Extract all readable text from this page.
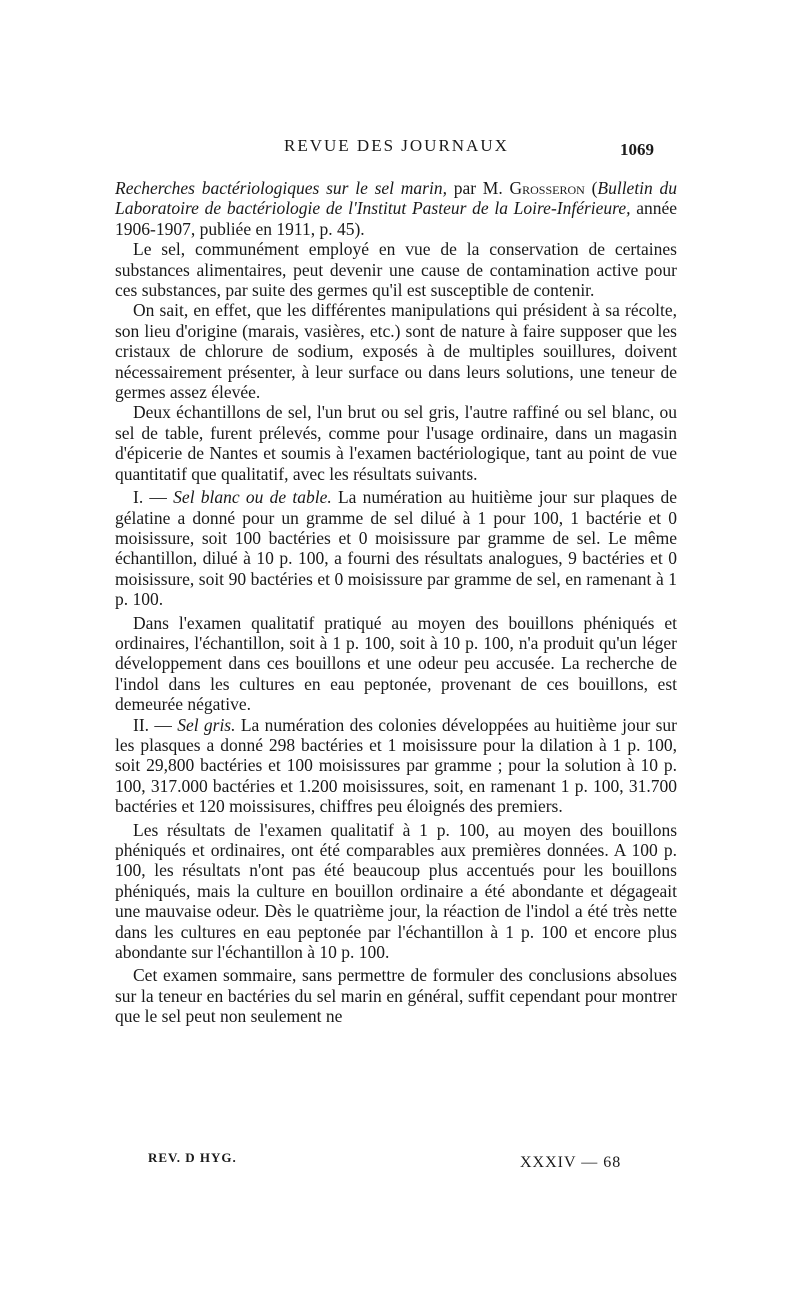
REVUE DES JOURNAUX	1069

Recherches bactériologiques sur le sel marin, par M. Grosseron (Bulletin du Laboratoire de bactériologie de l'Institut Pasteur de la Loire-Inférieure, année 1906-1907, publiée en 1911, p. 45).

Le sel, communément employé en vue de la conservation de certaines substances alimentaires, peut devenir une cause de contamination active pour ces substances, par suite des germes qu'il est susceptible de contenir.

On sait, en effet, que les différentes manipulations qui président à sa récolte, son lieu d'origine (marais, vasières, etc.) sont de nature à faire supposer que les cristaux de chlorure de sodium, exposés à de multiples souillures, doivent nécessairement présenter, à leur surface ou dans leurs solutions, une teneur de germes assez élevée.

Deux échantillons de sel, l'un brut ou sel gris, l'autre raffiné ou sel blanc, ou sel de table, furent prélevés, comme pour l'usage ordinaire, dans un magasin d'épicerie de Nantes et soumis à l'examen bactériologique, tant au point de vue quantitatif que qualitatif, avec les résultats suivants.

I. — Sel blanc ou de table. La numération au huitième jour sur plaques de gélatine a donné pour un gramme de sel dilué à 1 pour 100, 1 bactérie et 0 moisissure, soit 100 bactéries et 0 moisissure par gramme de sel. Le même échantillon, dilué à 10 p. 100, a fourni des résultats analogues, 9 bactéries et 0 moisissure, soit 90 bactéries et 0 moisissure par gramme de sel, en ramenant à 1 p. 100.

Dans l'examen qualitatif pratiqué au moyen des bouillons phéniqués et ordinaires, l'échantillon, soit à 1 p. 100, soit à 10 p. 100, n'a produit qu'un léger développement dans ces bouillons et une odeur peu accusée. La recherche de l'indol dans les cultures en eau peptonée, provenant de ces bouillons, est demeurée négative.

II. — Sel gris. La numération des colonies développées au huitième jour sur les plasques a donné 298 bactéries et 1 moisissure pour la dilation à 1 p. 100, soit 29,800 bactéries et 100 moisissures par gramme ; pour la solution à 10 p. 100, 317.000 bactéries et 1.200 moisissures, soit, en ramenant 1 p. 100, 31.700 bactéries et 120 moissisures, chiffres peu éloignés des premiers.

Les résultats de l'examen qualitatif à 1 p. 100, au moyen des bouillons phéniqués et ordinaires, ont été comparables aux premières données. A 100 p. 100, les résultats n'ont pas été beaucoup plus accentués pour les bouillons phéniqués, mais la culture en bouillon ordinaire a été abondante et dégageait une mauvaise odeur. Dès le quatrième jour, la réaction de l'indol a été très nette dans les cultures en eau peptonée par l'échantillon à 1 p. 100 et encore plus abondante sur l'échantillon à 10 p. 100.

Cet examen sommaire, sans permettre de formuler des conclusions absolues sur la teneur en bactéries du sel marin en général, suffit cependant pour montrer que le sel peut non seulement ne

REV. D HYG.	XXXIV — 68
